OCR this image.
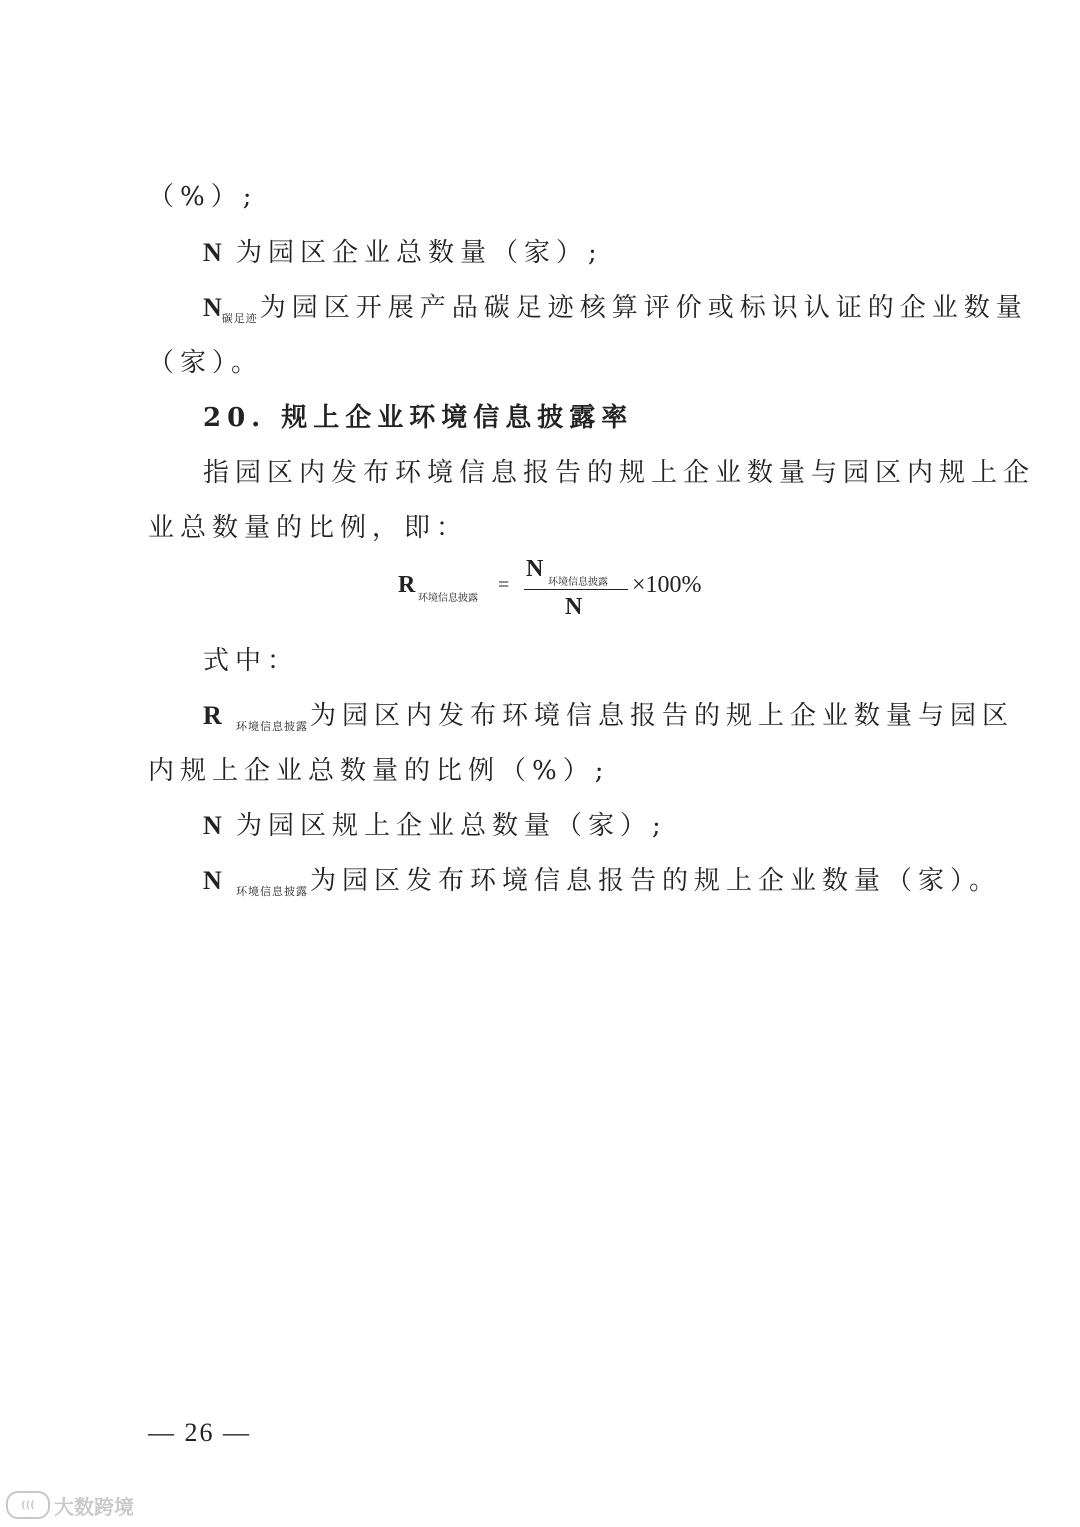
（%）;
N 为园区企业总数量（家）;
$N_{碳足迹}$为园区开展产品碳足迹核算评价或标识认证的企业数量
（家）。
20. 规上企业环境信息披露率
指园区内发布环境信息报告的规上企业数量与园区内规上企
业总数量的比例，即：
R
环境信息披露
=
N
环境信息披露
N
×100%
式中：
R $_{环境信息披露}$为园区内发布环境信息报告的规上企业数量与园区
内规上企业总数量的比例（%）;
N 为园区规上企业总数量（家）;
N $_{环境信息披露}$为园区发布环境信息报告的规上企业数量（家）。
— 26 —
((( 大数跨境
